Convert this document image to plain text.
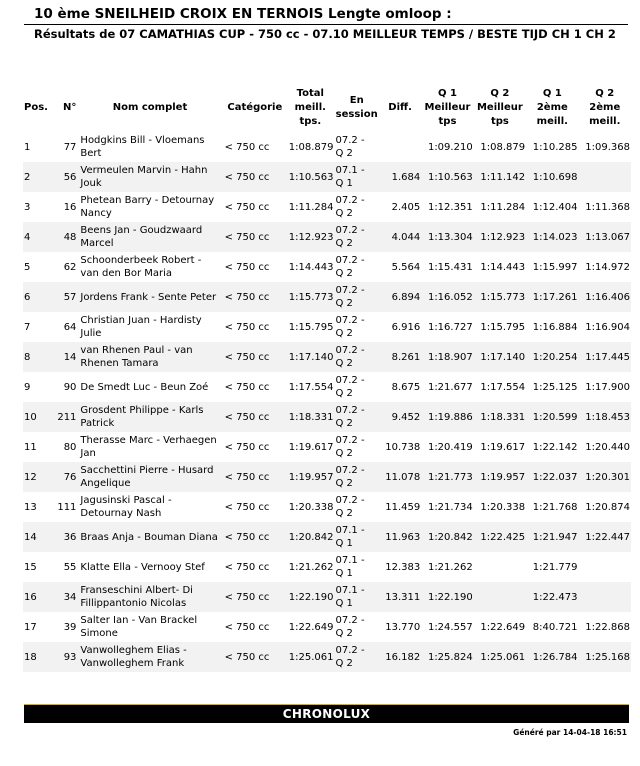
10 ème SNEILHEID CROIX EN TERNOIS Lengte omloop :
Résultats de 07 CAMATHIAS CUP - 750 cc - 07.10 MEILLEUR TEMPS / BESTE TIJD CH 1 CH 2
Pos.	N°	Nom complet	Catégorie	Total meill. tps.	En session	Diff.	Q 1 Meilleur tps	Q 2 Meilleur tps	Q 1 2ème meill.	Q 2 2ème meill.
1	77	Hodgkins Bill - Vloemans Bert	< 750 cc	1:08.879	07.2 - Q 2		1:09.210	1:08.879	1:10.285	1:09.368
2	56	Vermeulen Marvin - Hahn Jouk	< 750 cc	1:10.563	07.1 - Q 1	1.684	1:10.563	1:11.142	1:10.698	
3	16	Phetean Barry - Detournay Nancy	< 750 cc	1:11.284	07.2 - Q 2	2.405	1:12.351	1:11.284	1:12.404	1:11.368
4	48	Beens Jan - Goudzwaard Marcel	< 750 cc	1:12.923	07.2 - Q 2	4.044	1:13.304	1:12.923	1:14.023	1:13.067
5	62	Schoonderbeek Robert - van den Bor Maria	< 750 cc	1:14.443	07.2 - Q 2	5.564	1:15.431	1:14.443	1:15.997	1:14.972
6	57	Jordens Frank - Sente Peter	< 750 cc	1:15.773	07.2 - Q 2	6.894	1:16.052	1:15.773	1:17.261	1:16.406
7	64	Christian Juan - Hardisty Julie	< 750 cc	1:15.795	07.2 - Q 2	6.916	1:16.727	1:15.795	1:16.884	1:16.904
8	14	van Rhenen Paul - van Rhenen Tamara	< 750 cc	1:17.140	07.2 - Q 2	8.261	1:18.907	1:17.140	1:20.254	1:17.445
9	90	De Smedt Luc - Beun Zoé	< 750 cc	1:17.554	07.2 - Q 2	8.675	1:21.677	1:17.554	1:25.125	1:17.900
10	211	Grosdent Philippe - Karls Patrick	< 750 cc	1:18.331	07.2 - Q 2	9.452	1:19.886	1:18.331	1:20.599	1:18.453
11	80	Therasse Marc - Verhaegen Jan	< 750 cc	1:19.617	07.2 - Q 2	10.738	1:20.419	1:19.617	1:22.142	1:20.440
12	76	Sacchettini Pierre - Husard Angelique	< 750 cc	1:19.957	07.2 - Q 2	11.078	1:21.773	1:19.957	1:22.037	1:20.301
13	111	Jagusinski Pascal - Detournay Nash	< 750 cc	1:20.338	07.2 - Q 2	11.459	1:21.734	1:20.338	1:21.768	1:20.874
14	36	Braas Anja - Bouman Diana	< 750 cc	1:20.842	07.1 - Q 1	11.963	1:20.842	1:22.425	1:21.947	1:22.447
15	55	Klatte Ella - Vernooy Stef	< 750 cc	1:21.262	07.1 - Q 1	12.383	1:21.262		1:21.779	
16	34	Franseschini Albert- Di Fillippantonio Nicolas	< 750 cc	1:22.190	07.1 - Q 1	13.311	1:22.190		1:22.473	
17	39	Salter Ian - Van Brackel Simone	< 750 cc	1:22.649	07.2 - Q 2	13.770	1:24.557	1:22.649	8:40.721	1:22.868
18	93	Vanwolleghem Elias - Vanwolleghem Frank	< 750 cc	1:25.061	07.2 - Q 2	16.182	1:25.824	1:25.061	1:26.784	1:25.168
CHRONOLUX
Généré par 14-04-18 16:51
